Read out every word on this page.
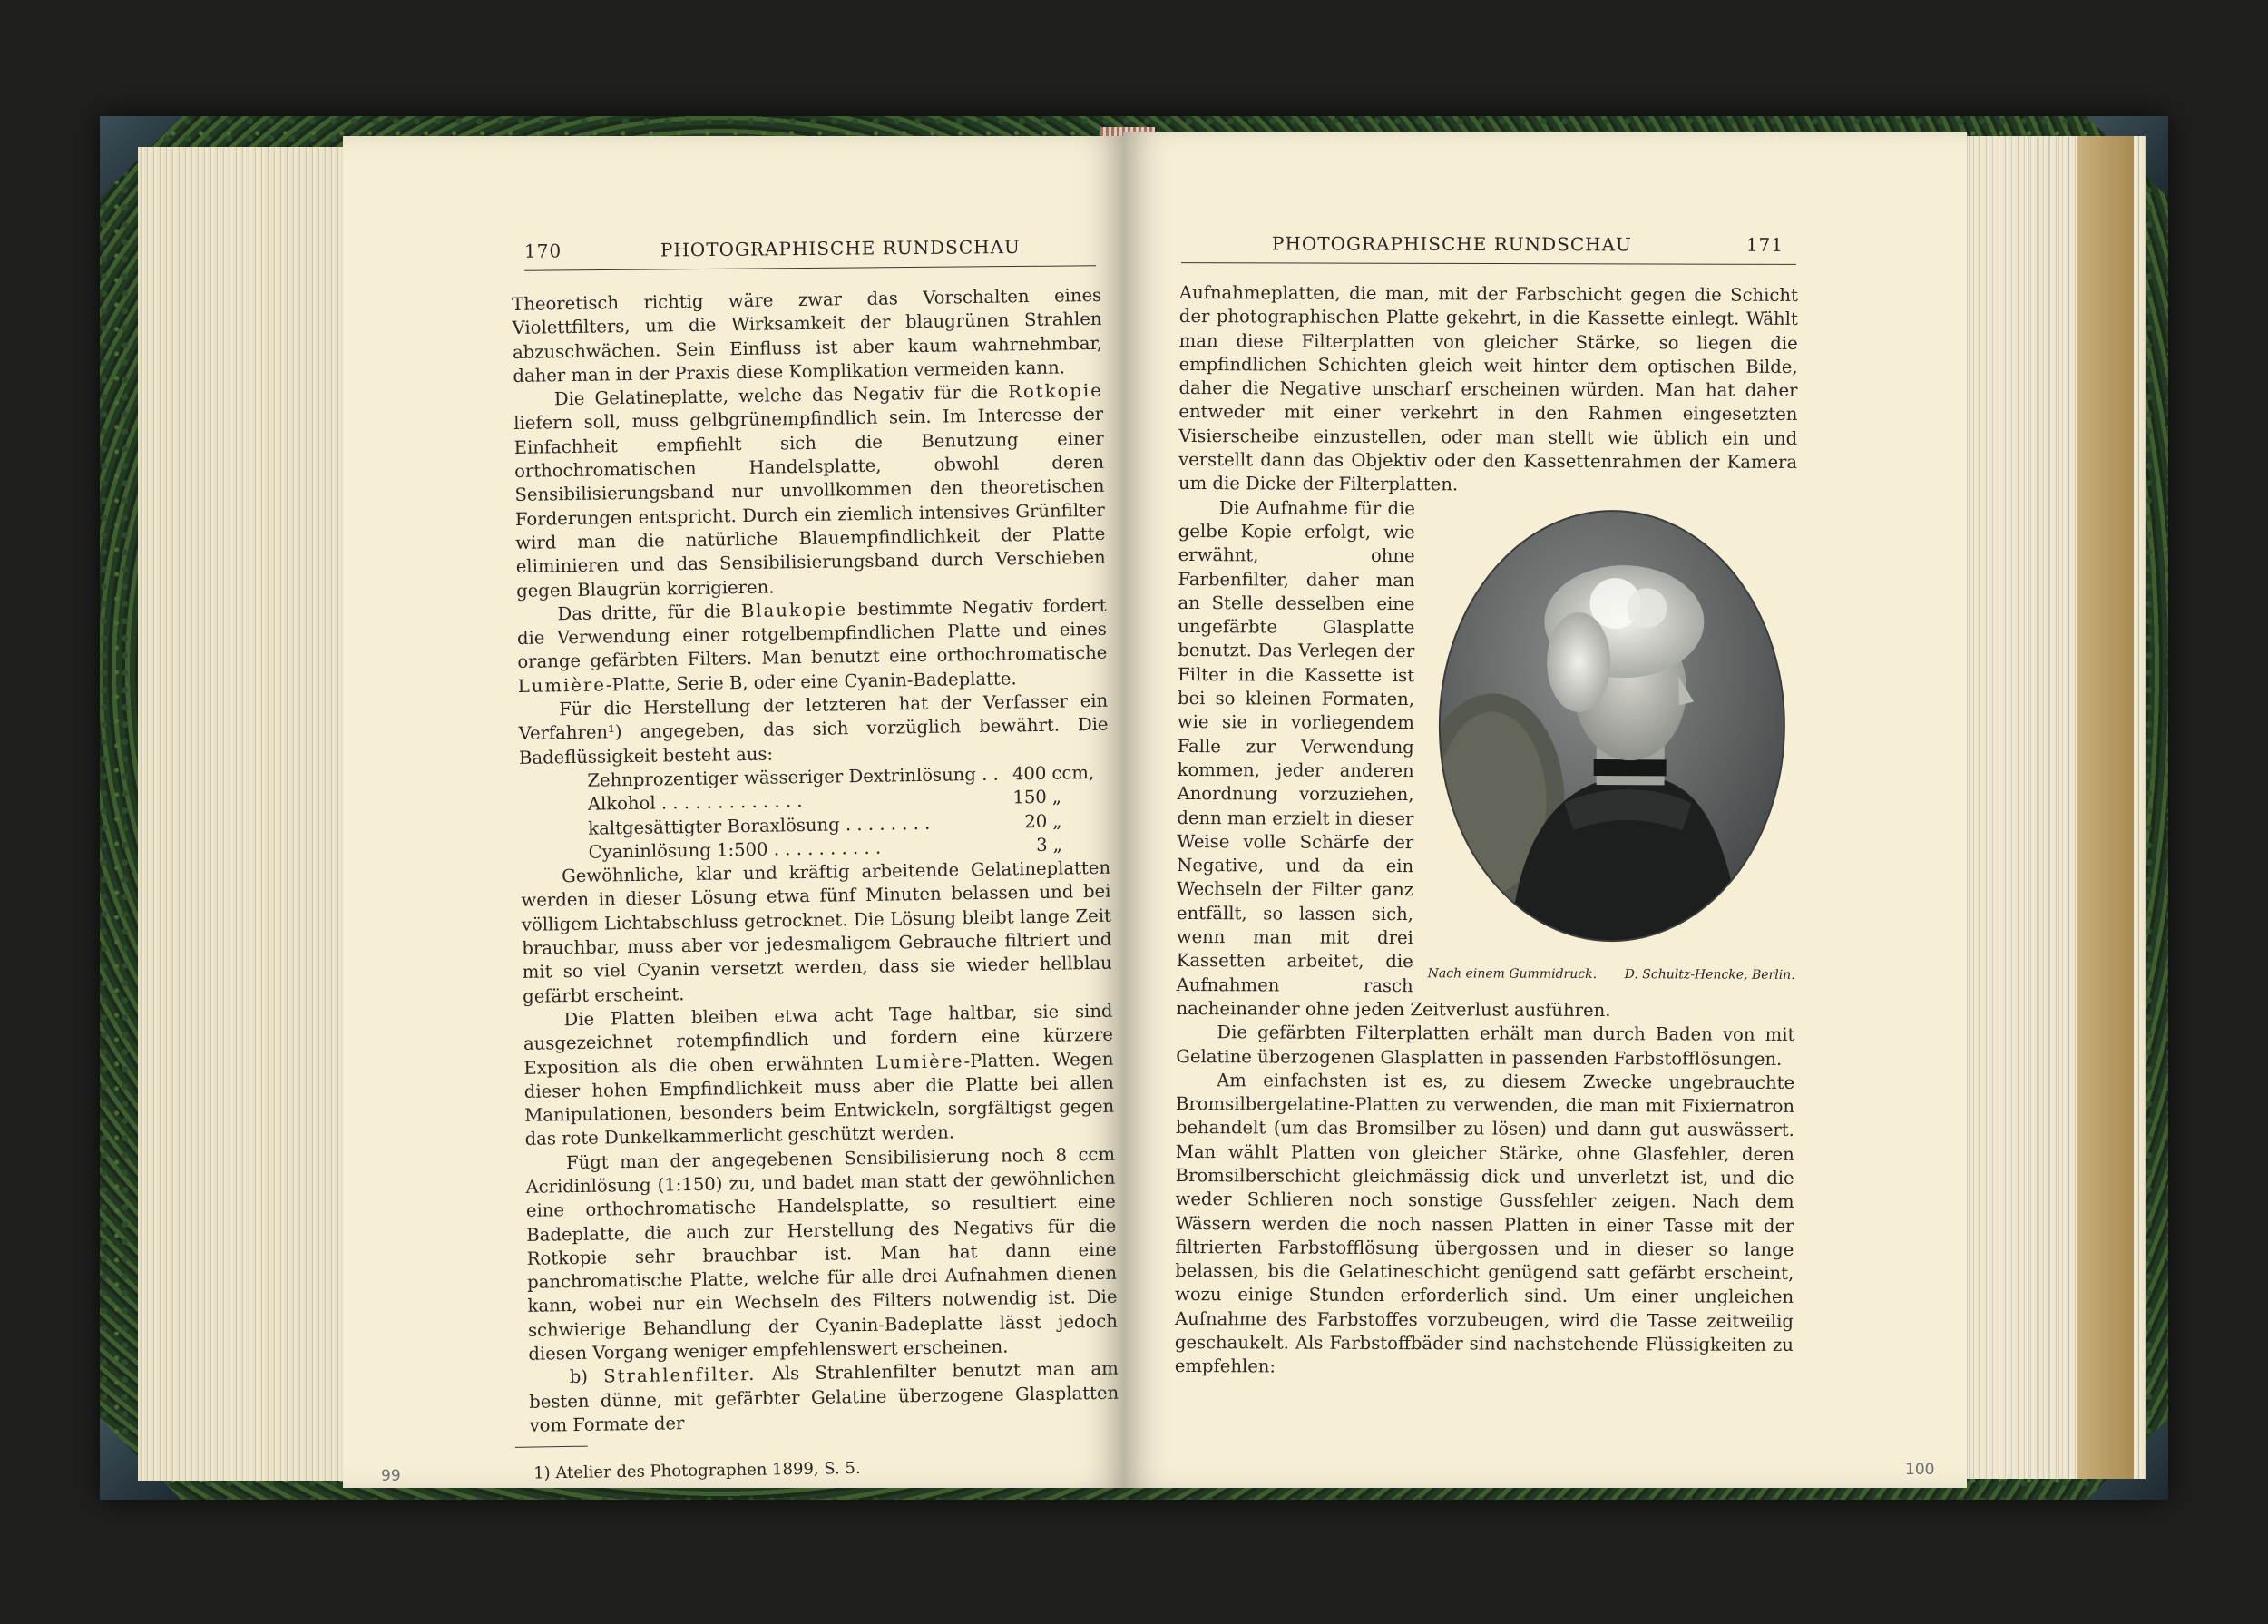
170	PHOTOGRAPHISCHE RUNDSCHAU

Theoretisch richtig wäre zwar das Vorschalten eines Violettfilters, um die Wirksamkeit der blaugrünen Strahlen abzuschwächen. Sein Einfluss ist aber kaum wahrnehmbar, daher man in der Praxis diese Komplikation vermeiden kann.

Die Gelatineplatte, welche das Negativ für die Rotkopie liefern soll, muss gelbgrünempfindlich sein. Im Interesse der Einfachheit empfiehlt sich die Benutzung einer orthochromatischen Handelsplatte, obwohl deren Sensibilisierungsband nur unvollkommen den theoretischen Forderungen entspricht. Durch ein ziemlich intensives Grünfilter wird man die natürliche Blauempfindlichkeit der Platte eliminieren und das Sensibilisierungsband durch Verschieben gegen Blaugrün korrigieren.

Das dritte, für die Blaukopie bestimmte Negativ fordert die Verwendung einer rotgelbempfindlichen Platte und eines orange gefärbten Filters. Man benutzt eine orthochromatische Lumière-Platte, Serie B, oder eine Cyanin-Badeplatte.

Für die Herstellung der letzteren hat der Verfasser ein Verfahren¹) angegeben, das sich vorzüglich bewährt. Die Badeflüssigkeit besteht aus:

Zehnprozentiger wässeriger Dextrinlösung . . 400 ccm,
Alkohol . . . . . . . . . . . . .	150 „
kaltgesättigter Boraxlösung . . . . . . . .	20 „
Cyaninlösung 1:500 . . . . . . . . . .	3 „

Gewöhnliche, klar und kräftig arbeitende Gelatineplatten werden in dieser Lösung etwa fünf Minuten belassen und bei völligem Lichtabschluss getrocknet. Die Lösung bleibt lange Zeit brauchbar, muss aber vor jedesmaligem Gebrauche filtriert und mit so viel Cyanin versetzt werden, dass sie wieder hellblau gefärbt erscheint.

Die Platten bleiben etwa acht Tage haltbar, sie sind ausgezeichnet rotempfindlich und fordern eine kürzere Exposition als die oben erwähnten Lumière-Platten. Wegen dieser hohen Empfindlichkeit muss aber die Platte bei allen Manipulationen, besonders beim Entwickeln, sorgfältigst gegen das rote Dunkelkammerlicht geschützt werden.

Fügt man der angegebenen Sensibilisierung noch 8 ccm Acridinlösung (1:150) zu, und badet man statt der gewöhnlichen eine orthochromatische Handelsplatte, so resultiert eine Badeplatte, die auch zur Herstellung des Negativs für die Rotkopie sehr brauchbar ist. Man hat dann eine panchromatische Platte, welche für alle drei Aufnahmen dienen kann, wobei nur ein Wechseln des Filters notwendig ist. Die schwierige Behandlung der Cyanin-Badeplatte lässt jedoch diesen Vorgang weniger empfehlenswert erscheinen.

b) Strahlenfilter. Als Strahlenfilter benutzt man am besten dünne, mit gefärbter Gelatine überzogene Glasplatten vom Formate der

1) Atelier des Photographen 1899, S. 5.
PHOTOGRAPHISCHE RUNDSCHAU	171

Aufnahmeplatten, die man, mit der Farbschicht gegen die Schicht der photographischen Platte gekehrt, in die Kassette einlegt. Wählt man diese Filterplatten von gleicher Stärke, so liegen die empfindlichen Schichten gleich weit hinter dem optischen Bilde, daher die Negative unscharf erscheinen würden. Man hat daher entweder mit einer verkehrt in den Rahmen eingesetzten Visierscheibe einzustellen, oder man stellt wie üblich ein und verstellt dann das Objektiv oder den Kassettenrahmen der Kamera um die Dicke der Filterplatten.

Nach einem Gummidruck. D. Schultz-Hencke, Berlin.

Die Aufnahme für die gelbe Kopie erfolgt, wie erwähnt, ohne Farbenfilter, daher man an Stelle desselben eine ungefärbte Glasplatte benutzt. Das Verlegen der Filter in die Kassette ist bei so kleinen Formaten, wie sie in vorliegendem Falle zur Verwendung kommen, jeder anderen Anordnung vorzuziehen, denn man erzielt in dieser Weise volle Schärfe der Negative, und da ein Wechseln der Filter ganz entfällt, so lassen sich, wenn man mit drei Kassetten arbeitet, die Aufnahmen rasch nacheinander ohne jeden Zeitverlust ausführen.

Die gefärbten Filterplatten erhält man durch Baden von mit Gelatine überzogenen Glasplatten in passenden Farbstofflösungen.

Am einfachsten ist es, zu diesem Zwecke ungebrauchte Bromsilbergelatine-Platten zu verwenden, die man mit Fixiernatron behandelt (um das Bromsilber zu lösen) und dann gut auswässert. Man wählt Platten von gleicher Stärke, ohne Glasfehler, deren Bromsilberschicht gleichmässig dick und unverletzt ist, und die weder Schlieren noch sonstige Gussfehler zeigen. Nach dem Wässern werden die noch nassen Platten in einer Tasse mit der filtrierten Farbstofflösung übergossen und in dieser so lange belassen, bis die Gelatineschicht genügend satt gefärbt erscheint, wozu einige Stunden erforderlich sind. Um einer ungleichen Aufnahme des Farbstoffes vorzubeugen, wird die Tasse zeitweilig geschaukelt. Als Farbstoffbäder sind nachstehende Flüssigkeiten zu empfehlen:

99	100
